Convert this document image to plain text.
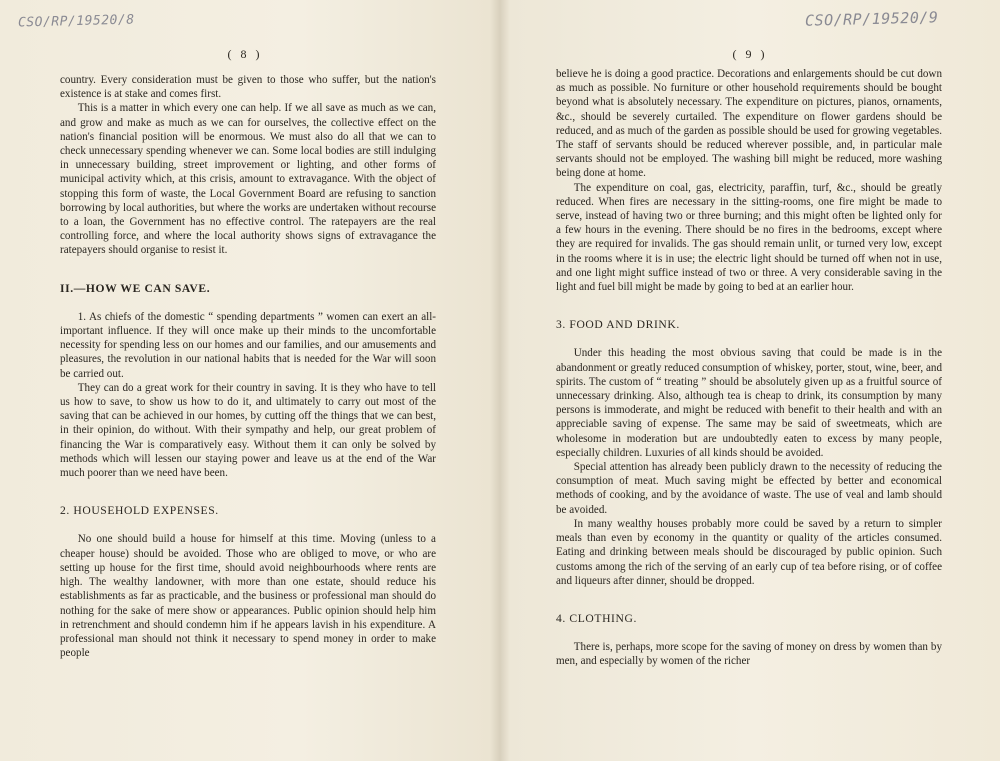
CSO/RP/19520/8
( 8 )

country. Every consideration must be given to those who suffer, but the nation's existence is at stake and comes first.

This is a matter in which every one can help. If we all save as much as we can, and grow and make as much as we can for ourselves, the collective effect on the nation's financial position will be enormous. We must also do all that we can to check unnecessary spending whenever we can. Some local bodies are still indulging in unnecessary building, street improvement or lighting, and other forms of municipal activity which, at this crisis, amount to extravagance. With the object of stopping this form of waste, the Local Government Board are refusing to sanction borrowing by local authorities, but where the works are undertaken without recourse to a loan, the Government has no effective control. The ratepayers are the real controlling force, and where the local authority shows signs of extravagance the ratepayers should organise to resist it.

II.—HOW WE CAN SAVE.

1. As chiefs of the domestic “ spending departments ” women can exert an all-important influence. If they will once make up their minds to the uncomfortable necessity for spending less on our homes and our families, and our amusements and pleasures, the revolution in our national habits that is needed for the War will soon be carried out.

They can do a great work for their country in saving. It is they who have to tell us how to save, to show us how to do it, and ultimately to carry out most of the saving that can be achieved in our homes, by cutting off the things that we can best, in their opinion, do without. With their sympathy and help, our great problem of financing the War is comparatively easy. Without them it can only be solved by methods which will lessen our staying power and leave us at the end of the War much poorer than we need have been.

2. HOUSEHOLD EXPENSES.

No one should build a house for himself at this time. Moving (unless to a cheaper house) should be avoided. Those who are obliged to move, or who are setting up house for the first time, should avoid neighbourhoods where rents are high. The wealthy landowner, with more than one estate, should reduce his establishments as far as practicable, and the business or professional man should do nothing for the sake of mere show or appearances. Public opinion should help him in retrenchment and should condemn him if he appears lavish in his expenditure. A professional man should not think it necessary to spend money in order to make people

CSO/RP/19520/9
( 9 )

believe he is doing a good practice. Decorations and enlargements should be cut down as much as possible. No furniture or other household requirements should be bought beyond what is absolutely necessary. The expenditure on pictures, pianos, ornaments, &c., should be severely curtailed. The expenditure on flower gardens should be reduced, and as much of the garden as possible should be used for growing vegetables. The staff of servants should be reduced wherever possible, and, in particular male servants should not be employed. The washing bill might be reduced, more washing being done at home.

The expenditure on coal, gas, electricity, paraffin, turf, &c., should be greatly reduced. When fires are necessary in the sitting-rooms, one fire might be made to serve, instead of having two or three burning; and this might often be lighted only for a few hours in the evening. There should be no fires in the bedrooms, except where they are required for invalids. The gas should remain unlit, or turned very low, except in the rooms where it is in use; the electric light should be turned off when not in use, and one light might suffice instead of two or three. A very considerable saving in the light and fuel bill might be made by going to bed at an earlier hour.

3. FOOD AND DRINK.

Under this heading the most obvious saving that could be made is in the abandonment or greatly reduced consumption of whiskey, porter, stout, wine, beer, and spirits. The custom of “ treating ” should be absolutely given up as a fruitful source of unnecessary drinking. Also, although tea is cheap to drink, its consumption by many persons is immoderate, and might be reduced with benefit to their health and with an appreciable saving of expense. The same may be said of sweetmeats, which are wholesome in moderation but are undoubtedly eaten to excess by many people, especially children. Luxuries of all kinds should be avoided.

Special attention has already been publicly drawn to the necessity of reducing the consumption of meat. Much saving might be effected by better and economical methods of cooking, and by the avoidance of waste. The use of veal and lamb should be avoided.

In many wealthy houses probably more could be saved by a return to simpler meals than even by economy in the quantity or quality of the articles consumed. Eating and drinking between meals should be discouraged by public opinion. Such customs among the rich of the serving of an early cup of tea before rising, or of coffee and liqueurs after dinner, should be dropped.

4. CLOTHING.

There is, perhaps, more scope for the saving of money on dress by women than by men, and especially by women of the richer
